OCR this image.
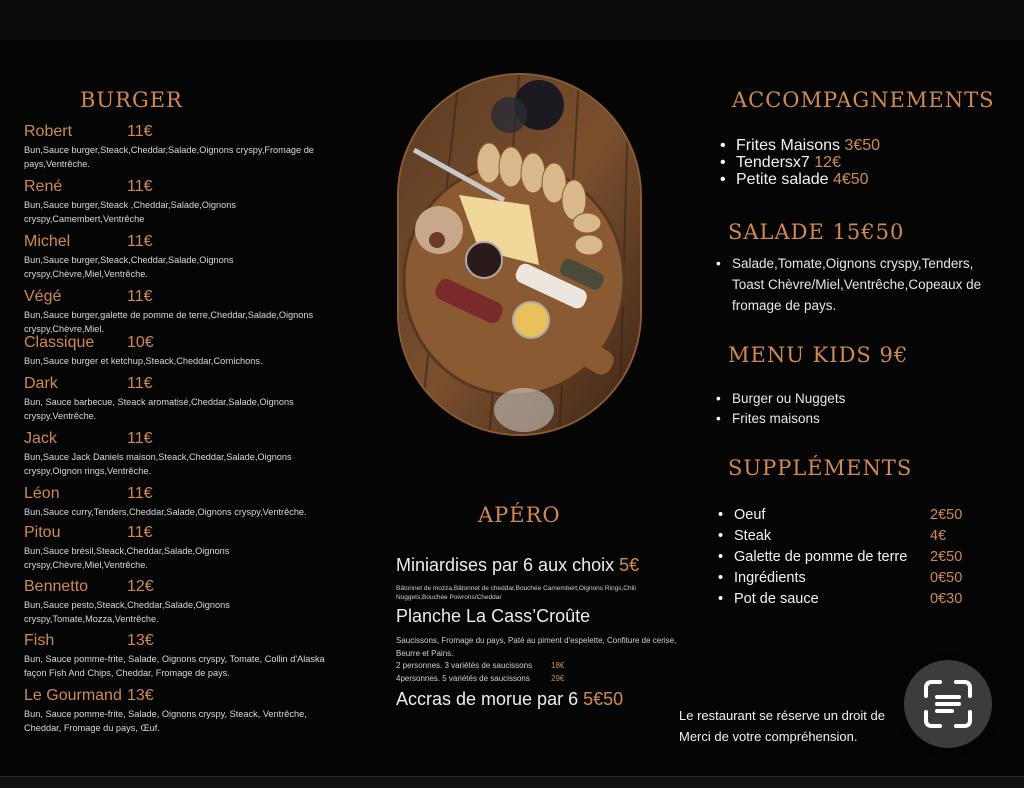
BURGER
Robert	11€
Bun,Sauce burger,Steack,Cheddar,Salade,Oignons cryspy,Fromage de pays,Ventrêche.
René	11€
Bun,Sauce burger,Steack ,Cheddar,Salade,Oignons cryspy,Camembert,Ventrêche
Michel	11€
Bun,Sauce burger,Steack,Cheddar,Salade,Oignons cryspy,Chèvre,Miel,Ventrêche.
Végé	11€
Bun,Sauce burger,galette de pomme de terre,Cheddar,Salade,Oignons cryspy,Chèvre,Miel.
Classique 10€
Bun,Sauce burger et ketchup,Steack,Cheddar,Cornichons.
Dark	11€
Bun, Sauce barbecue, Steack aromatisé,Cheddar,Salade,Oignons cryspy,Ventrêche.
Jack	11€
Bun,Sauce Jack Daniels maison,Steack,Cheddar,Salade,Oignons cryspy,Oignon rings,Ventrêche.
Léon	11€
Bun,Sauce curry,Tenders,Cheddar,Salade,Oignons cryspy,Ventrêche.
Pitou	11€
Bun,Sauce brésil,Steack,Cheddar,Salade,Oignons cryspy,Chèvre,Miel,Ventrêche.
Bennetto 12€
Bun,Sauce pesto,Steack,Cheddar,Salade,Oignons cryspy,Tomate,Mozza,Ventrêche.
Fish	13€
Bun, Sauce pomme-frite, Salade, Oignons cryspy, Tomate, Collin d'Alaska façon Fish And Chips, Cheddar, Fromage de pays.
Le Gourmand 13€
Bun, Sauce pomme-frite, Salade, Oignons cryspy, Steack, Ventrêche, Cheddar, Fromage du pays, Œuf.
APÉRO
Miniardises par 6 aux choix 5€
Bâtonnet de mozza,Bâtonnet de cheddar,Bouchée Camembert,Oignons Rings,Chili Nuggets,Bouchée Poivrons/Cheddar
Planche La Cass’Croûte
Saucissons, Fromage du pays, Paté au piment d'espelette, Confiture de cerise, Beurre et Pains.
2 personnes. 3 variétés de saucissons 18€
4personnes. 5 variétés de saucissons	29€
Accras de morue par 6 5€50
ACCOMPAGNEMENTS
• Frites Maisons 3€50
• Tendersx7 12€
• Petite salade 4€50
SALADE 15€50
• Salade,Tomate,Oignons cryspy,Tenders, Toast Chèvre/Miel,Ventrêche,Copeaux de fromage de pays.
MENU KIDS 9€
• Burger ou Nuggets
• Frites maisons
SUPPLÉMENTS
• Oeuf	2€50
• Steak	4€
• Galette de pomme de terre 2€50
• Ingrédients	0€50
• Pot de sauce	0€30
Le restaurant se réserve un droit de
Merci de votre compréhension.
